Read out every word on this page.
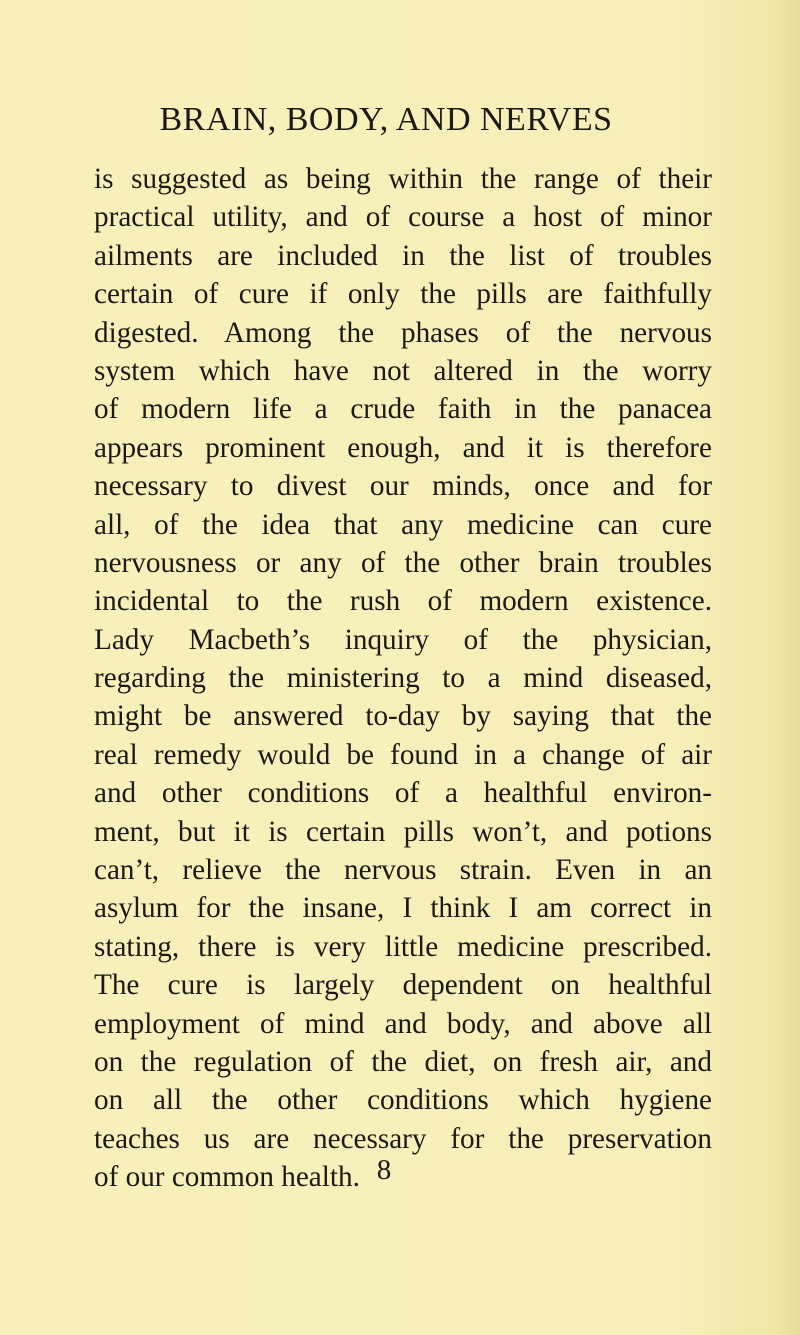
BRAIN, BODY, AND NERVES
is suggested as being within the range of their
practical utility, and of course a host of minor
ailments are included in the list of troubles
certain of cure if only the pills are faithfully
digested. Among the phases of the nervous
system which have not altered in the worry
of modern life a crude faith in the panacea
appears prominent enough, and it is therefore
necessary to divest our minds, once and for
all, of the idea that any medicine can cure
nervousness or any of the other brain troubles
incidental to the rush of modern existence.
Lady Macbeth’s inquiry of the physician,
regarding the ministering to a mind diseased,
might be answered to-day by saying that the
real remedy would be found in a change of air
and other conditions of a healthful environ-
ment, but it is certain pills won’t, and potions
can’t, relieve the nervous strain. Even in an
asylum for the insane, I think I am correct in
stating, there is very little medicine prescribed.
The cure is largely dependent on healthful
employment of mind and body, and above all
on the regulation of the diet, on fresh air, and
on all the other conditions which hygiene
teaches us are necessary for the preservation
of our common health. 8
